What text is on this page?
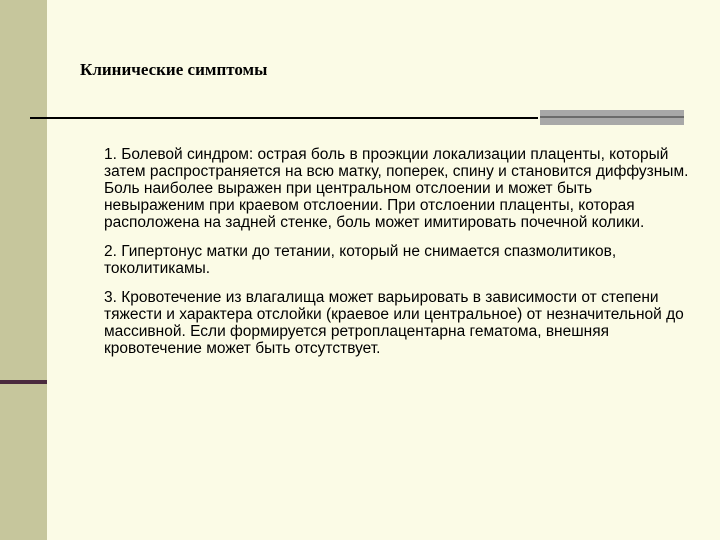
Клинические симптомы

1. Болевой синдром: острая боль в проэкции локализации плаценты, который затем распространяется на всю матку, поперек, спину и становится диффузным. Боль наиболее выражен при центральном отслоении и может быть невыраженим при краевом отслоении. При отслоении плаценты, которая расположена на задней стенке, боль может имитировать почечной колики.

2. Гипертонус матки до тетании, который не снимается спазмолитиков, токолитикамы.

3. Кровотечение из влагалища может варьировать в зависимости от степени тяжести и характера отслойки (краевое или центральное) от незначительной до массивной. Если формируется ретроплацентарна гематома, внешняя кровотечение может быть отсутствует.
